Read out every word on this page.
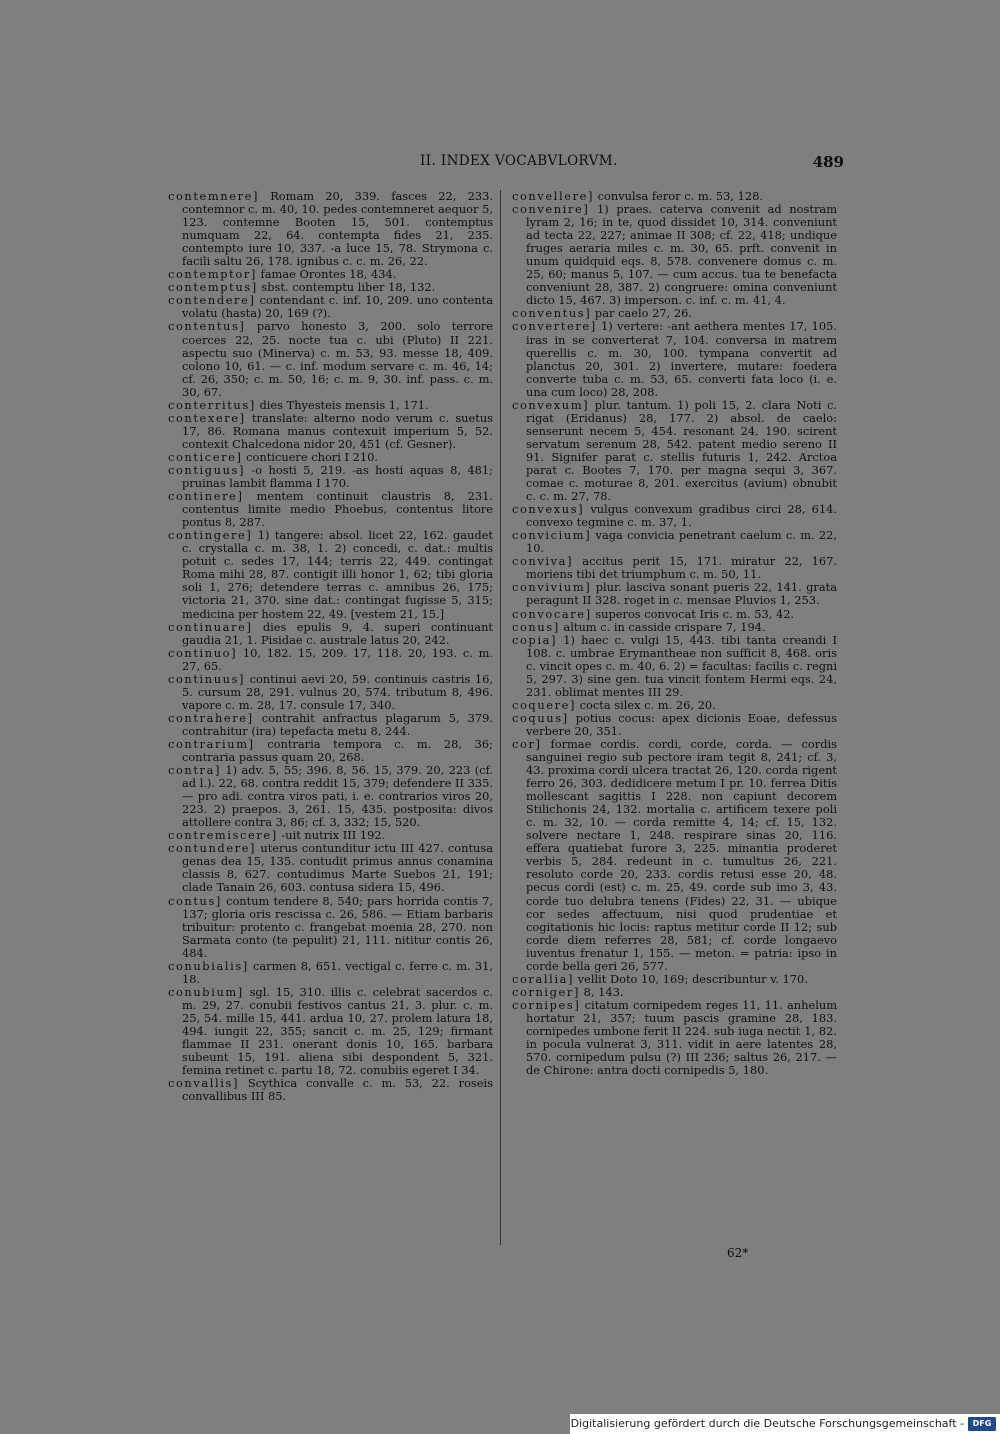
II. INDEX VOCABVLORVM.	489
contemnere] Romam 20, 339. fasces 22, 233. contemnor c. m. 40, 10. pedes contemneret aequor 5, 123. contemne Booten 15, 501. contemptus numquam 22, 64. contempta fides 21, 235. contempto iure 10, 337. -a luce 15, 78. Strymona c. facili saltu 26, 178. ignibus c. c. m. 26, 22.
contemptor] famae Orontes 18, 434.
contemptus] sbst. contemptu liber 18, 132.
contendere] contendant c. inf. 10, 209. uno contenta volatu (hasta) 20, 169 (?).
contentus] parvo honesto 3, 200. solo terrore coerces 22, 25. nocte tua c. ubi (Pluto) II 221. aspectu suo (Minerva) c. m. 53, 93. messe 18, 409. colono 10, 61. — c. inf. modum servare c. m. 46, 14; cf. 26, 350; c. m. 50, 16; c. m. 9, 30. inf. pass. c. m. 30, 67.
conterritus] dies Thyesteis mensis 1, 171.
contexere] translate: alterno nodo verum c. suetus 17, 86. Romana manus contexuit imperium 5, 52. contexit Chalcedona nidor 20, 451 (cf. Gesner).
conticere] conticuere chori I 210.
contiguus] -o hosti 5, 219. -as hosti aquas 8, 481; pruinas lambit flamma I 170.
continere] mentem continuit claustris 8, 231. contentus limite medio Phoebus, contentus litore pontus 8, 287.
contingere] 1) tangere: absol. licet 22, 162. gaudet c. crystalla c. m. 38, 1. 2) concedi, c. dat.: multis potuit c. sedes 17, 144; terris 22, 449. contingat Roma mihi 28, 87. contigit illi honor 1, 62; tibi gloria soli 1, 276; detendere terras c. amnibus 26, 175; victoria 21, 370. sine dat.: contingat fugisse 5, 315; medicina per hostem 22, 49. [vestem 21, 15.]
continuare] dies epulis 9, 4. superi continuant gaudia 21, 1. Pisidae c. australe latus 20, 242.
continuo] 10, 182. 15, 209. 17, 118. 20, 193. c. m. 27, 65.
continuus] continui aevi 20, 59. continuis castris 16, 5. cursum 28, 291. vulnus 20, 574. tributum 8, 496. vapore c. m. 28, 17. consule 17, 340.
contrahere] contrahit anfractus plagarum 5, 379. contrahitur (ira) tepefacta metu 8, 244.
contrarium] contraria tempora c. m. 28, 36; contraria passus quam 20, 268.
contra] 1) adv. 5, 55; 396. 8, 56. 15, 379. 20, 223 (cf. ad l.). 22, 68. contra reddit 15, 379; defendere II 335. — pro adi. contra viros pati, i. e. contrarios viros 20, 223. 2) praepos. 3, 261. 15, 435. postposita: divos attollere contra 3, 86; cf. 3, 332; 15, 520.
contremiscere] -uit nutrix III 192.
contundere] uterus contunditur ictu III 427. contusa genas dea 15, 135. contudit primus annus conamina classis 8, 627. contudimus Marte Suebos 21, 191; clade Tanain 26, 603. contusa sidera 15, 496.
contus] contum tendere 8, 540; pars horrida contis 7, 137; gloria oris rescissa c. 26, 586. — Etiam barbaris tribuitur: protento c. frangebat moenia 28, 270. non Sarmata conto (te pepulit) 21, 111. nititur contis 26, 484.
conubialis] carmen 8, 651. vectigal c. ferre c. m. 31, 18.
conubium] sgl. 15, 310. illis c. celebrat sacerdos c. m. 29, 27. conubii festivos cantus 21, 3. plur. c. m. 25, 54. mille 15, 441. ardua 10, 27. prolem latura 18, 494. iungit 22, 355; sancit c. m. 25, 129; firmant flammae II 231. onerant donis 10, 165. barbara subeunt 15, 191. aliena sibi despondent 5, 321. femina retinet c. partu 18, 72. conubiis egeret I 34.
convallis] Scythica convalle c. m. 53, 22. roseis convallibus III 85.
convellere] convulsa feror c. m. 53, 128.
convenire] 1) praes. caterva convenit ad nostram lyram 2, 16; in te, quod dissidet 10, 314. conveniunt ad tecta 22, 227; animae II 308; cf. 22, 418; undique fruges aeraria miles c. m. 30, 65. prft. convenit in unum quidquid eqs. 8, 578. convenere domus c. m. 25, 60; manus 5, 107. — cum accus. tua te benefacta conveniunt 28, 387. 2) congruere: omina conveniunt dicto 15, 467. 3) imperson. c. inf. c. m. 41, 4.
conventus] par caelo 27, 26.
convertere] 1) vertere: -ant aethera mentes 17, 105. iras in se converterat 7, 104. conversa in matrem querellis c. m. 30, 100. tympana convertit ad planctus 20, 301. 2) invertere, mutare: foedera converte tuba c. m. 53, 65. converti fata loco (i. e. una cum loco) 28, 208.
convexum] plur. tantum. 1) poli 15, 2. clara Noti c. rigat (Eridanus) 28, 177. 2) absol. de caelo: senserunt necem 5, 454. resonant 24, 190. scirent servatum serenum 28, 542. patent medio sereno II 91. Signifer parat c. stellis futuris 1, 242. Arctoa parat c. Bootes 7, 170. per magna sequi 3, 367. comae c. moturae 8, 201. exercitus (avium) obnubit c. c. m. 27, 78.
convexus] vulgus convexum gradibus circi 28, 614. convexo tegmine c. m. 37, 1.
convicium] vaga convicia penetrant caelum c. m. 22, 10.
conviva] accitus perit 15, 171. miratur 22, 167. moriens tibi det triumphum c. m. 50, 11.
convivium] plur. lasciva sonant pueris 22, 141. grata peragunt II 328. roget in c. mensae Pluvios 1, 253.
convocare] superos convocat Iris c. m. 53, 42.
conus] altum c. in casside crispare 7, 194.
copia] 1) haec c. vulgi 15, 443. tibi tanta creandi I 108. c. umbrae Erymantheae non sufficit 8, 468. oris c. vincit opes c. m. 40, 6. 2) = facultas: facilis c. regni 5, 297. 3) sine gen. tua vincit fontem Hermi eqs. 24, 231. oblimat mentes III 29.
coquere] cocta silex c. m. 26, 20.
coquus] potius cocus: apex dicionis Eoae, defessus verbere 20, 351.
cor] formae cordis. cordi, corde, corda. — cordis sanguinei regio sub pectore iram tegit 8, 241; cf. 3, 43. proxima cordi ulcera tractat 26, 120. corda rigent ferro 26, 303. dedidicere metum I pr. 10. ferrea Ditis mollescant sagittis I 228. non capiunt decorem Stilichonis 24, 132. mortalia c. artificem texere poli c. m. 32, 10. — corda remitte 4, 14; cf. 15, 132. solvere nectare 1, 248. respirare sinas 20, 116. effera quatiebat furore 3, 225. minantia proderet verbis 5, 284. redeunt in c. tumultus 26, 221. resoluto corde 20, 233. cordis retusi esse 20, 48. pecus cordi (est) c. m. 25, 49. corde sub imo 3, 43. corde tuo delubra tenens (Fides) 22, 31. — ubique cor sedes affectuum, nisi quod prudentiae et cogitationis hic locis: raptus metitur corde II 12; sub corde diem referres 28, 581; cf. corde longaevo iuventus frenatur 1, 155. — meton. = patria: ipso in corde bella geri 26, 577.
corallia] vellit Doto 10, 169; describuntur v. 170.
corniger] 8, 143.
cornipes] citatum cornipedem reges 11, 11. anhelum hortatur 21, 357; tuum pascis gramine 28, 183. cornipedes umbone ferit II 224. sub iuga nectit 1, 82. in pocula vulnerat 3, 311. vidit in aere latentes 28, 570. cornipedum pulsu (?) III 236; saltus 26, 217. — de Chirone: antra docti cornipedis 5, 180.
62*
Digitalisierung gefördert durch die Deutsche Forschungsgemeinschaft -	DFG
